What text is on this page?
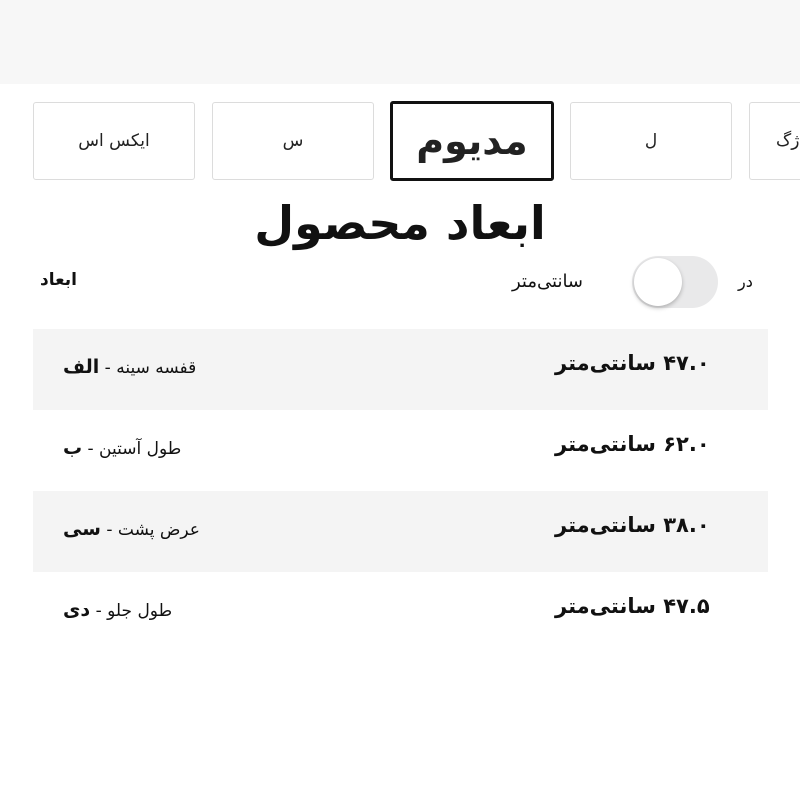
ایکس اس	س	مدیوم	ل	ژگ
ابعاد محصول
ابعاد	سانتی‌متر	در
۴۷.۰ سانتی‌متر
قفسه سینه - الف
۶۲.۰ سانتی‌متر
طول آستین - ب
۳۸.۰ سانتی‌متر
عرض پشت - سی
۴۷.۵ سانتی‌متر
طول جلو - دی
